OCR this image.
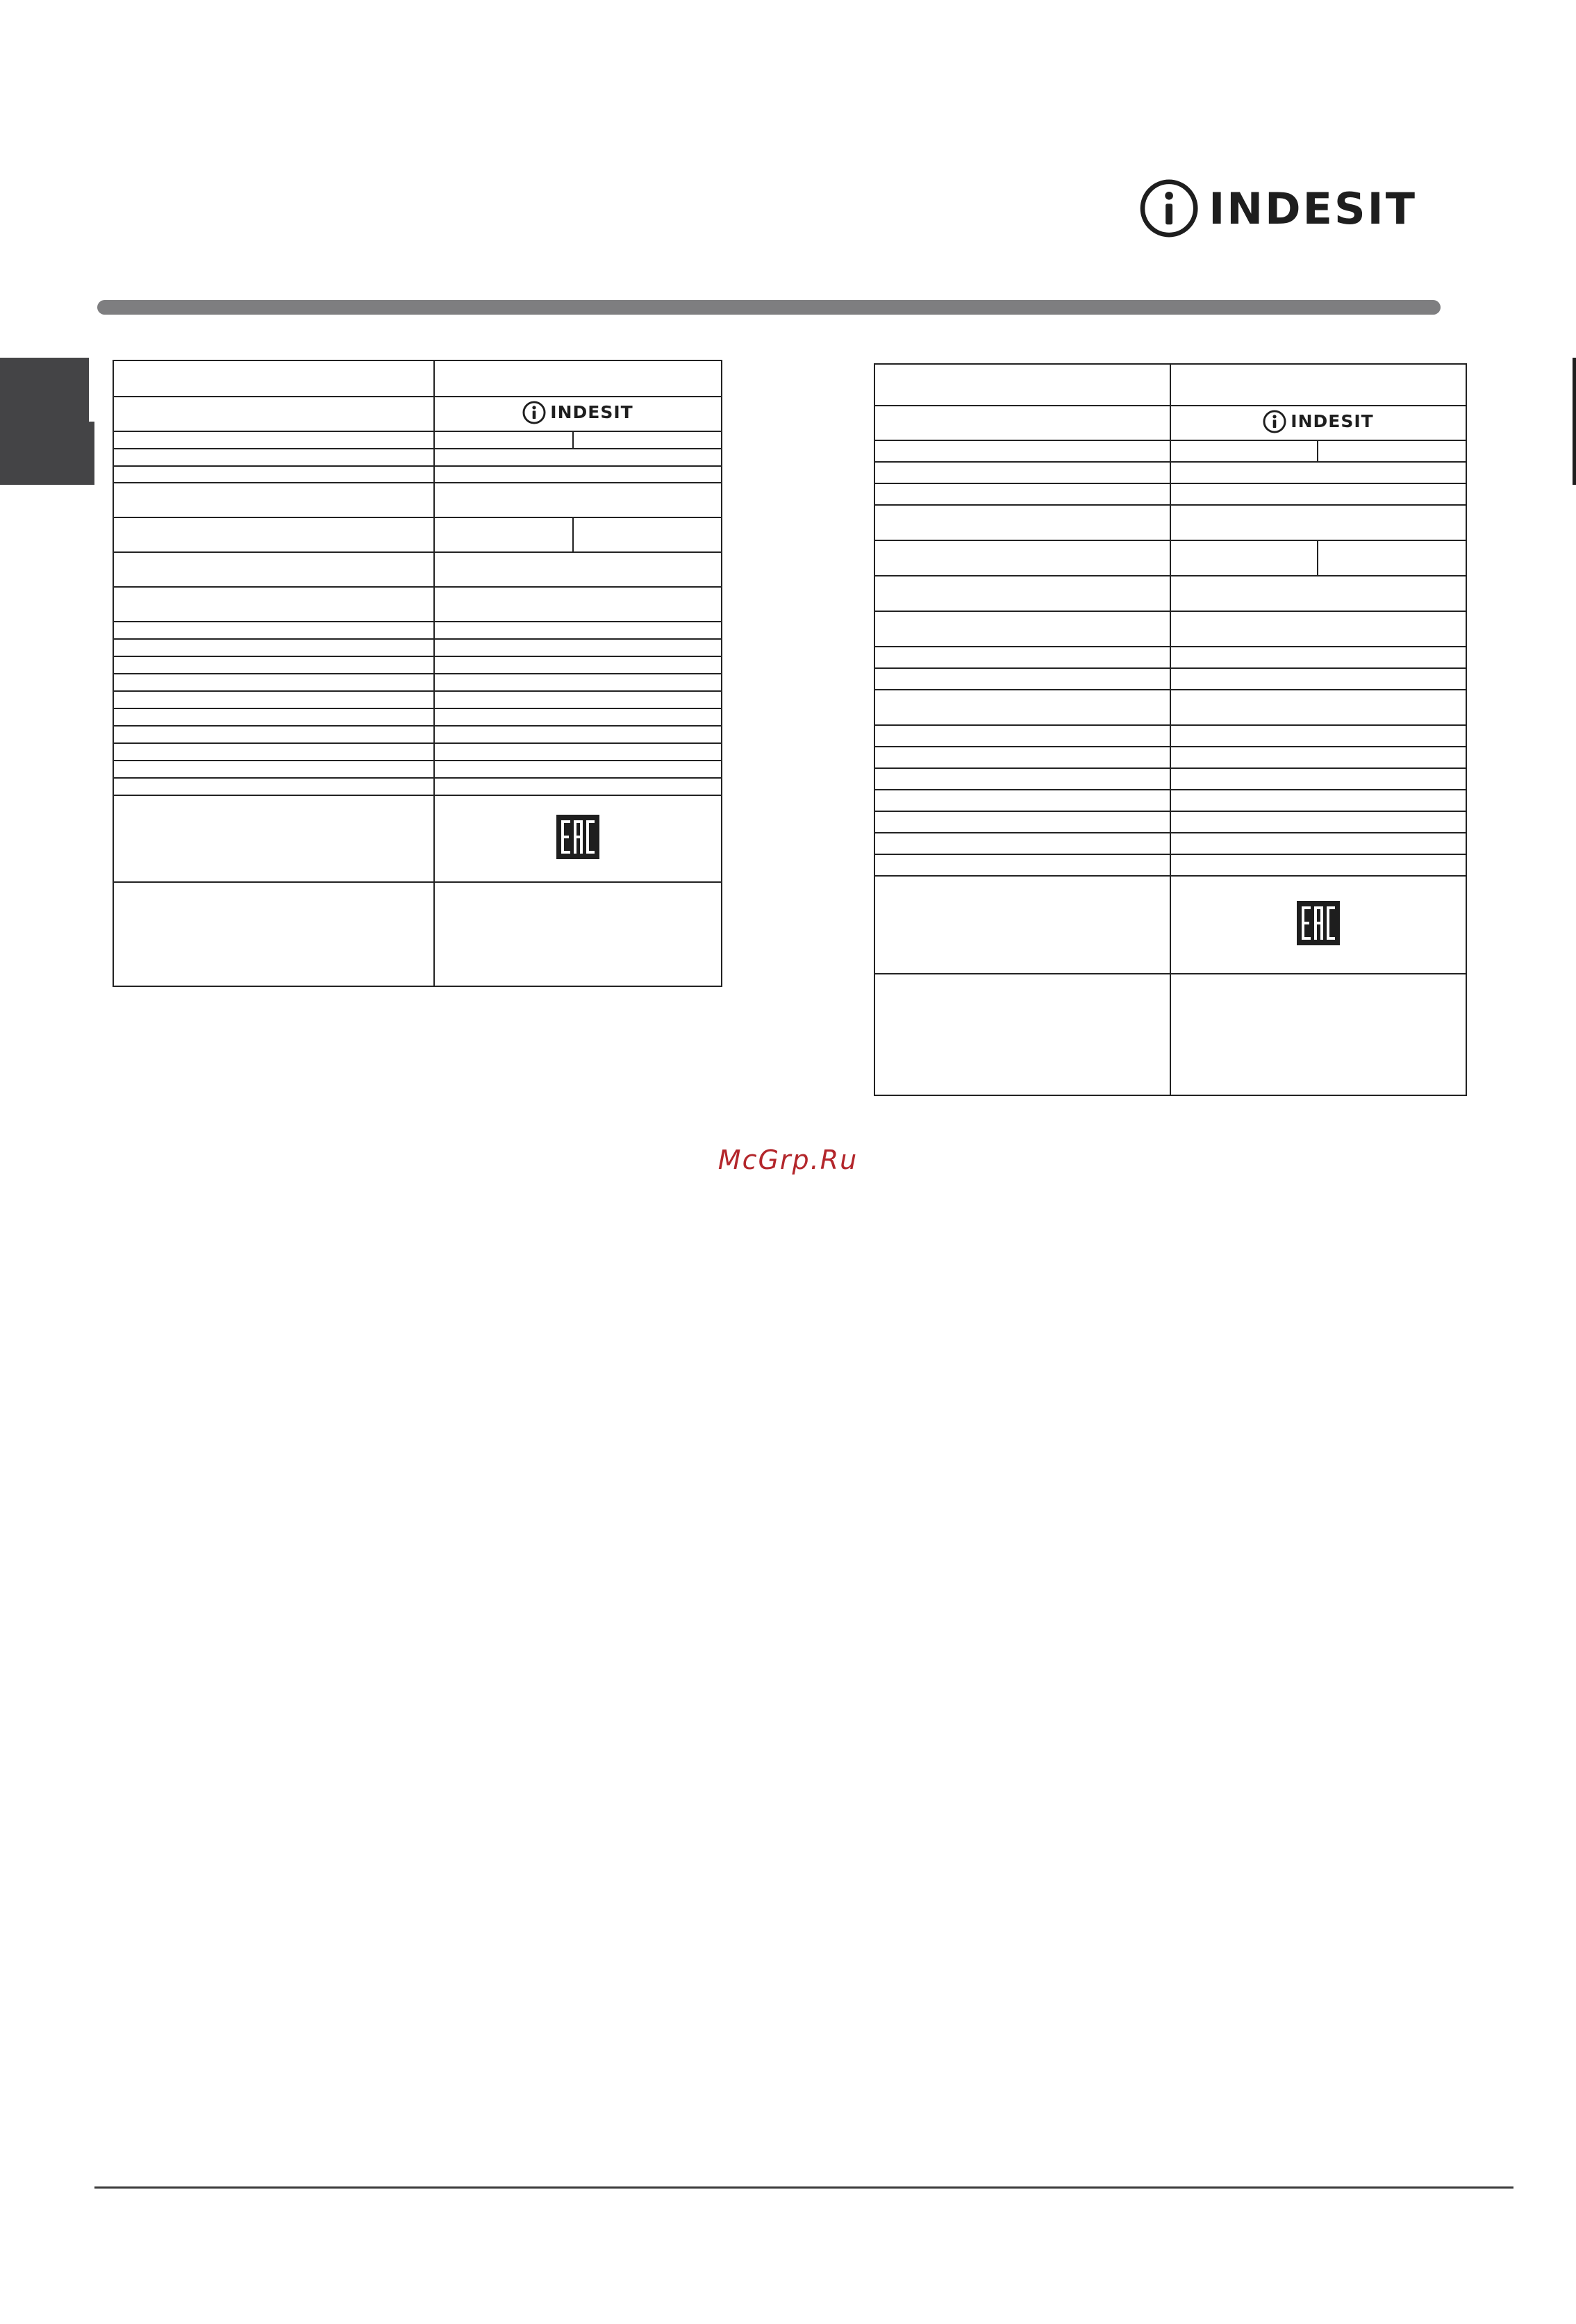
INDESIT

	INDESIT	

	INDESIT	

McGrp.Ru
